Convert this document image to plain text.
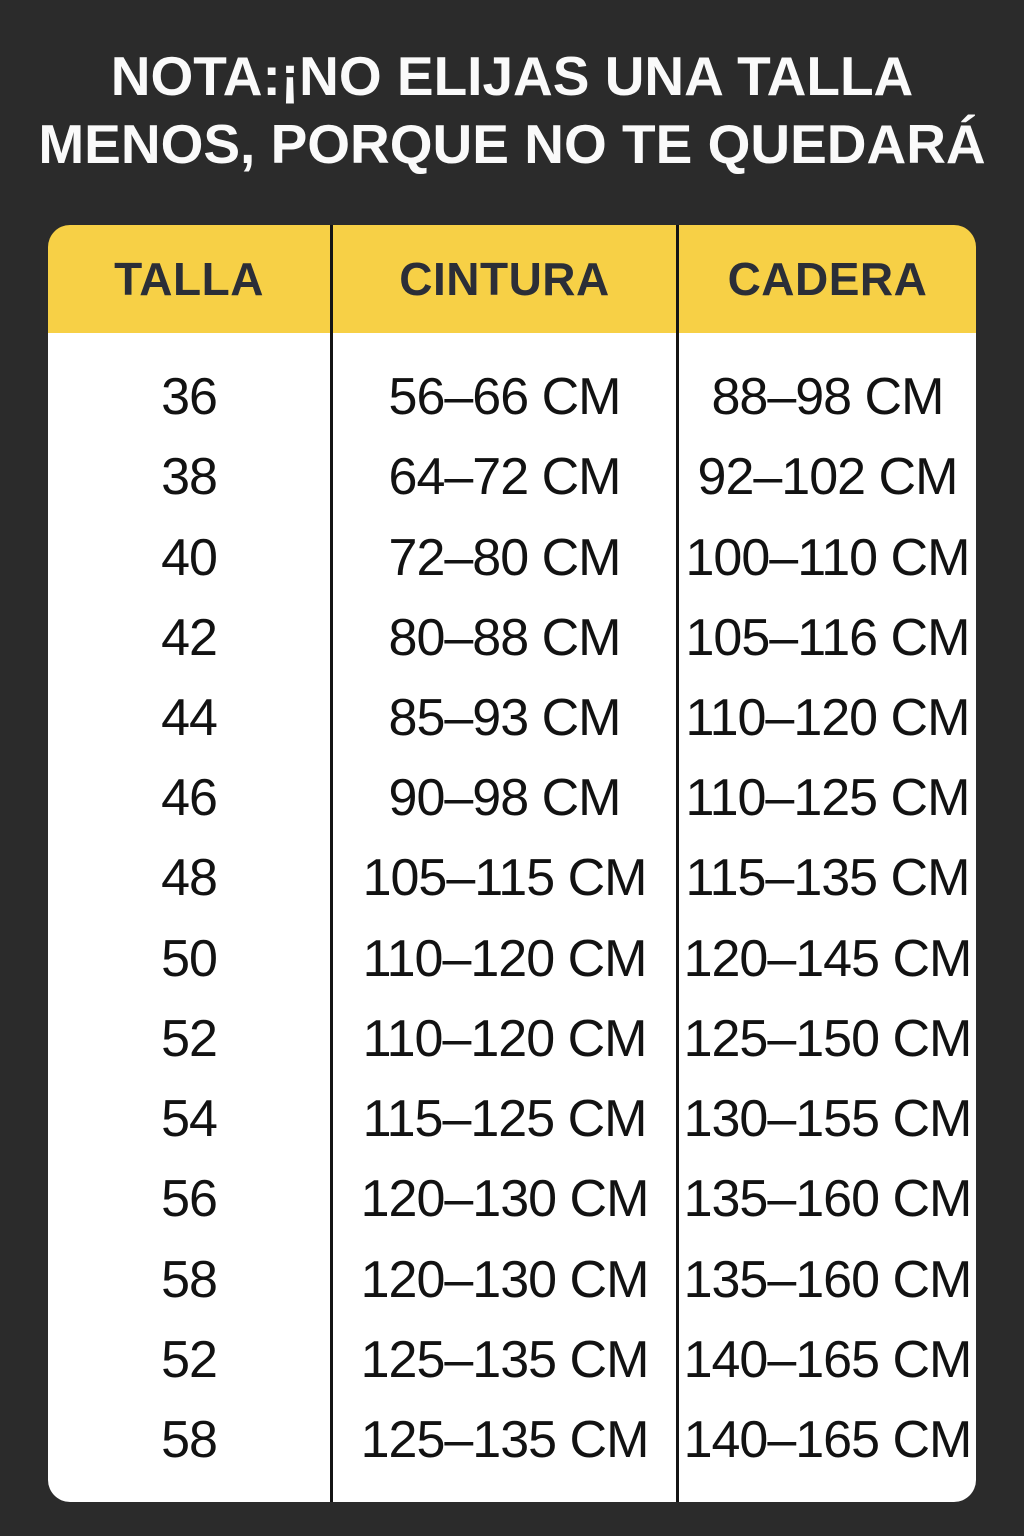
NOTA:¡NO ELIJAS UNA TALLA
MENOS, PORQUE NO TE QUEDARÁ
TALLA
36
38
40
42
44
46
48
50
52
54
56
58
52
58
CINTURA
56–66 CM
64–72 CM
72–80 CM
80–88 CM
85–93 CM
90–98 CM
105–115 CM
110–120 CM
110–120 CM
115–125 CM
120–130 CM
120–130 CM
125–135 CM
125–135 CM
CADERA
88–98 CM
92–102 CM
100–110 CM
105–116 CM
110–120 CM
110–125 CM
115–135 CM
120–145 CM
125–150 CM
130–155 CM
135–160 CM
135–160 CM
140–165 CM
140–165 CM
